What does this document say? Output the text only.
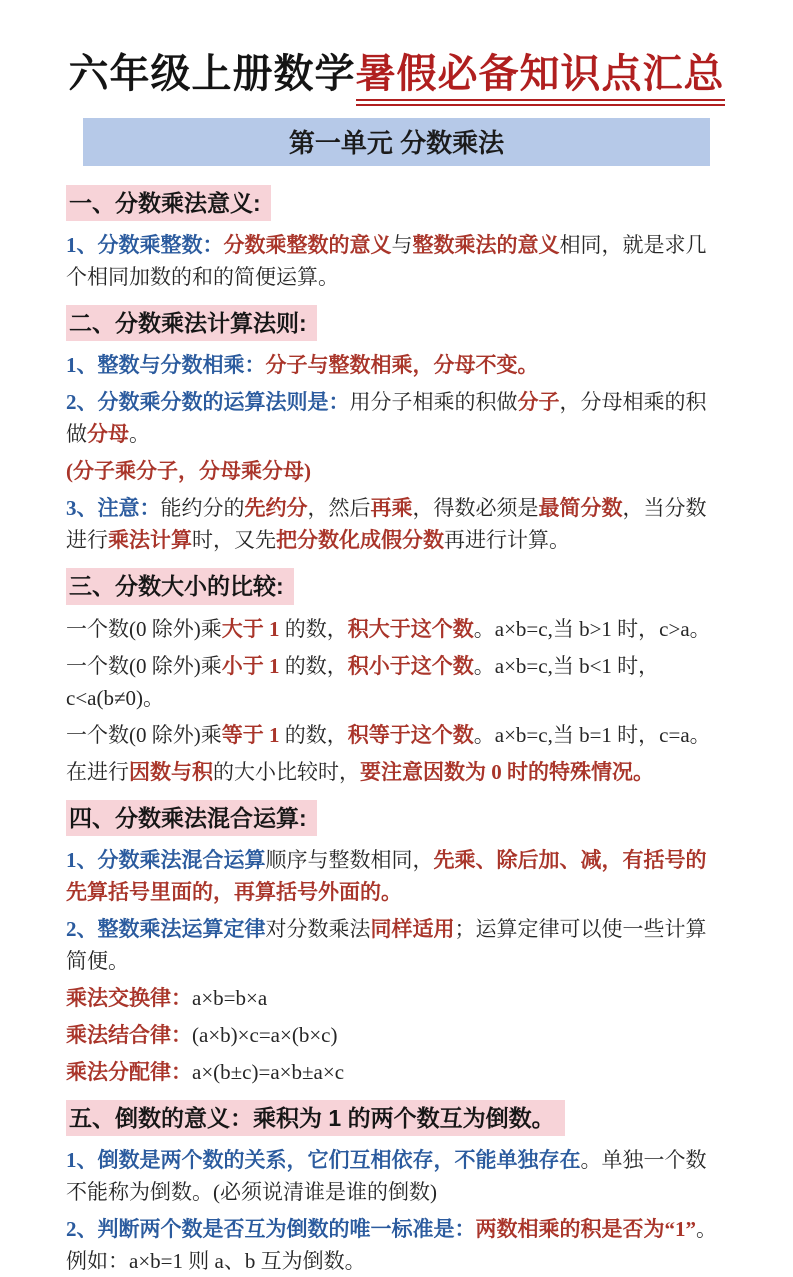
六年级上册数学暑假必备知识点汇总
第一单元 分数乘法
一、分数乘法意义:

1、分数乘整数：分数乘整数的意义与整数乘法的意义相同，就是求几个相同加数的和的简便运算。

二、分数乘法计算法则:

1、整数与分数相乘：分子与整数相乘，分母不变。

2、分数乘分数的运算法则是：用分子相乘的积做分子，分母相乘的积做分母。

(分子乘分子，分母乘分母)

3、注意：能约分的先约分，然后再乘，得数必须是最简分数，当分数进行乘法计算时，又先把分数化成假分数再进行计算。

三、分数大小的比较:

一个数(0 除外)乘大于 1 的数，积大于这个数。a×b=c,当 b>1 时，c>a。

一个数(0 除外)乘小于 1 的数，积小于这个数。a×b=c,当 b<1 时，c<a(b≠0)。

一个数(0 除外)乘等于 1 的数，积等于这个数。a×b=c,当 b=1 时，c=a。

在进行因数与积的大小比较时，要注意因数为 0 时的特殊情况。

四、分数乘法混合运算:

1、分数乘法混合运算顺序与整数相同，先乘、除后加、减，有括号的先算括号里面的，再算括号外面的。

2、整数乘法运算定律对分数乘法同样适用；运算定律可以使一些计算简便。

乘法交换律：a×b=b×a

乘法结合律：(a×b)×c=a×(b×c)

乘法分配律：a×(b±c)=a×b±a×c

五、倒数的意义：乘积为 1 的两个数互为倒数。

1、倒数是两个数的关系，它们互相依存，不能单独存在。单独一个数不能称为倒数。(必须说清谁是谁的倒数)

2、判断两个数是否互为倒数的唯一标准是：两数相乘的积是否为“1”。例如：a×b=1 则 a、b 互为倒数。
